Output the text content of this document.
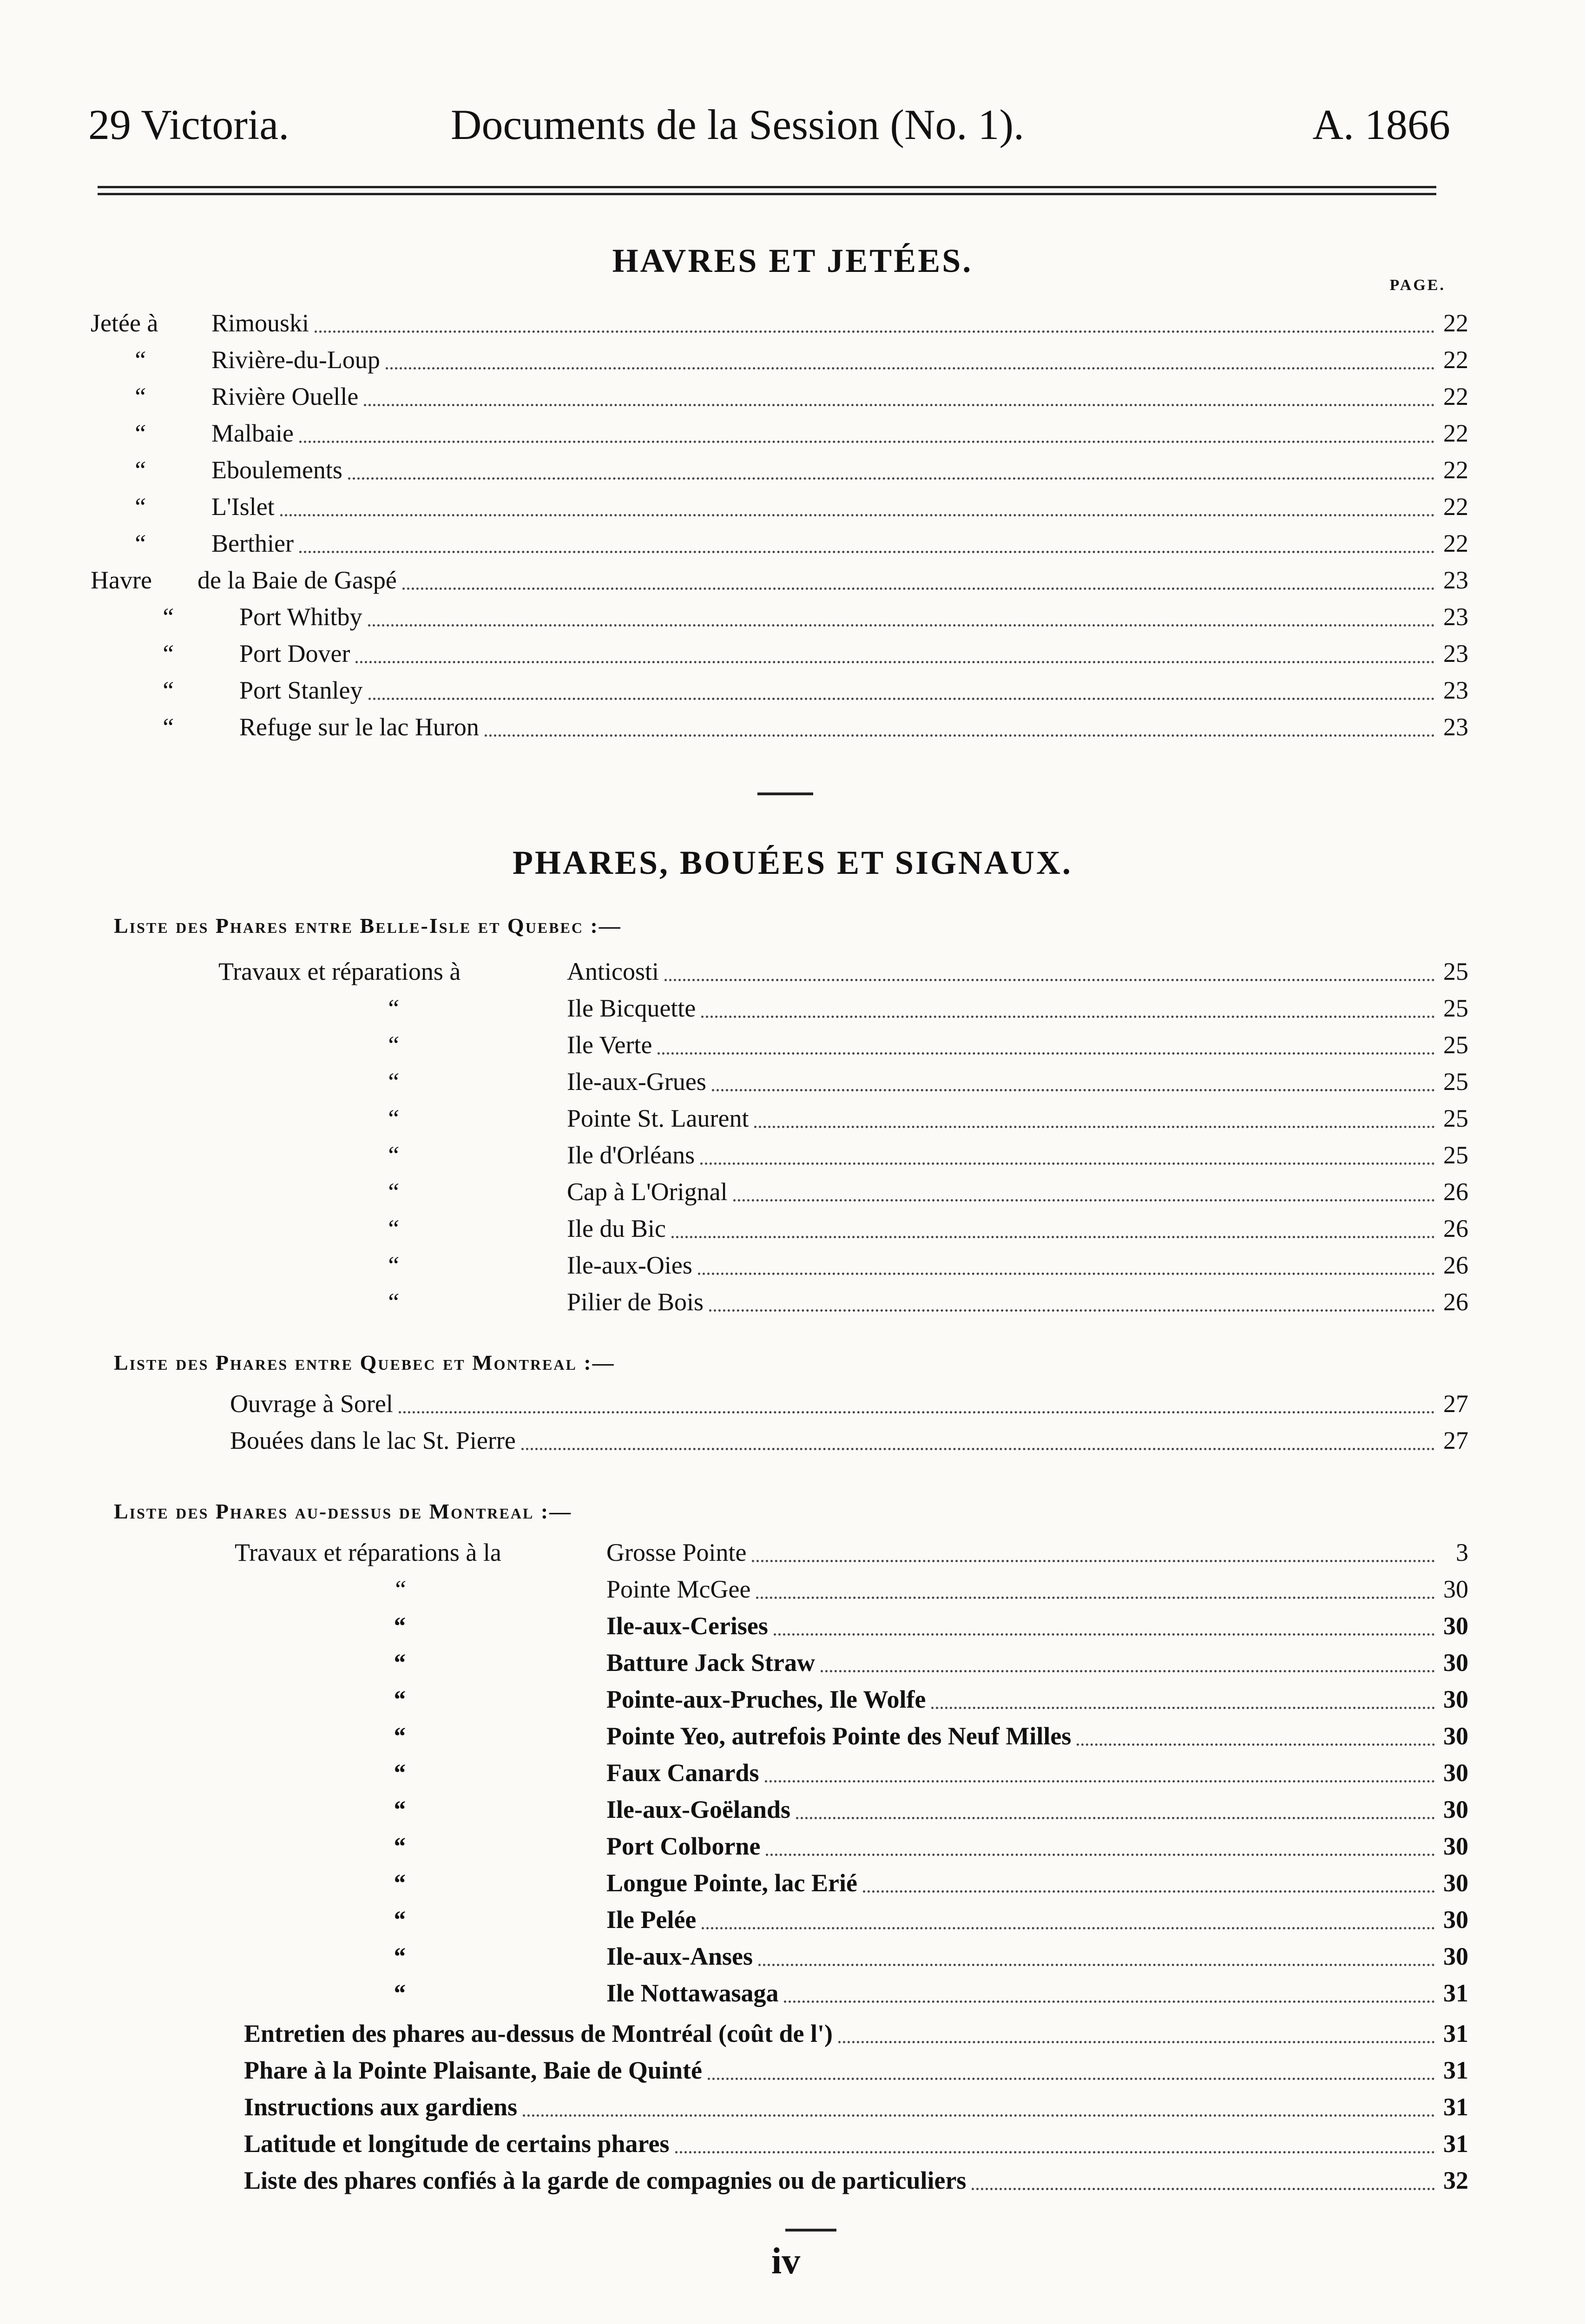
29 Victoria.	Documents de la Session (No. 1).	A. 1866
HAVRES ET JETÉES.
PAGE.
Jetée à Rimouski	22
“	Rivière-du-Loup	22
“	Rivière Ouelle	22
“	Malbaie	22
“	Eboulements	22
“	L'Islet	22
“	Berthier	22
Havre de la Baie de Gaspé	23
“	Port Whitby	23
“	Port Dover	23
“	Port Stanley	23
“	Refuge sur le lac Huron	23
PHARES, BOUÉES ET SIGNAUX.
Liste des Phares entre Belle-Isle et Quebec :—
Travaux et réparations à	Anticosti	25
“	Ile Bicquette	25
“	Ile Verte	25
“	Ile-aux-Grues	25
“	Pointe St. Laurent	25
“	Ile d'Orléans	25
“	Cap à L'Orignal	26
“	Ile du Bic	26
“	Ile-aux-Oies	26
“	Pilier de Bois	26
Liste des Phares entre Quebec et Montreal :—
Ouvrage à Sorel	27
Bouées dans le lac St. Pierre	27
Liste des Phares au-dessus de Montreal :—
Travaux et réparations à la	Grosse Pointe	3
“	Pointe McGee	30
“	Ile-aux-Cerises	30
“	Batture Jack Straw	30
“	Pointe-aux-Pruches, Ile Wolfe	30
“	Pointe Yeo, autrefois Pointe des Neuf Milles	30
“	Faux Canards	30
“	Ile-aux-Goëlands	30
“	Port Colborne	30
“	Longue Pointe, lac Erié	30
“	Ile Pelée	30
“	Ile-aux-Anses	30
“	Ile Nottawasaga	31
Entretien des phares au-dessus de Montréal (coût de l')	31
Phare à la Pointe Plaisante, Baie de Quinté	31
Instructions aux gardiens	31
Latitude et longitude de certains phares	31
Liste des phares confiés à la garde de compagnies ou de particuliers	32
iv
